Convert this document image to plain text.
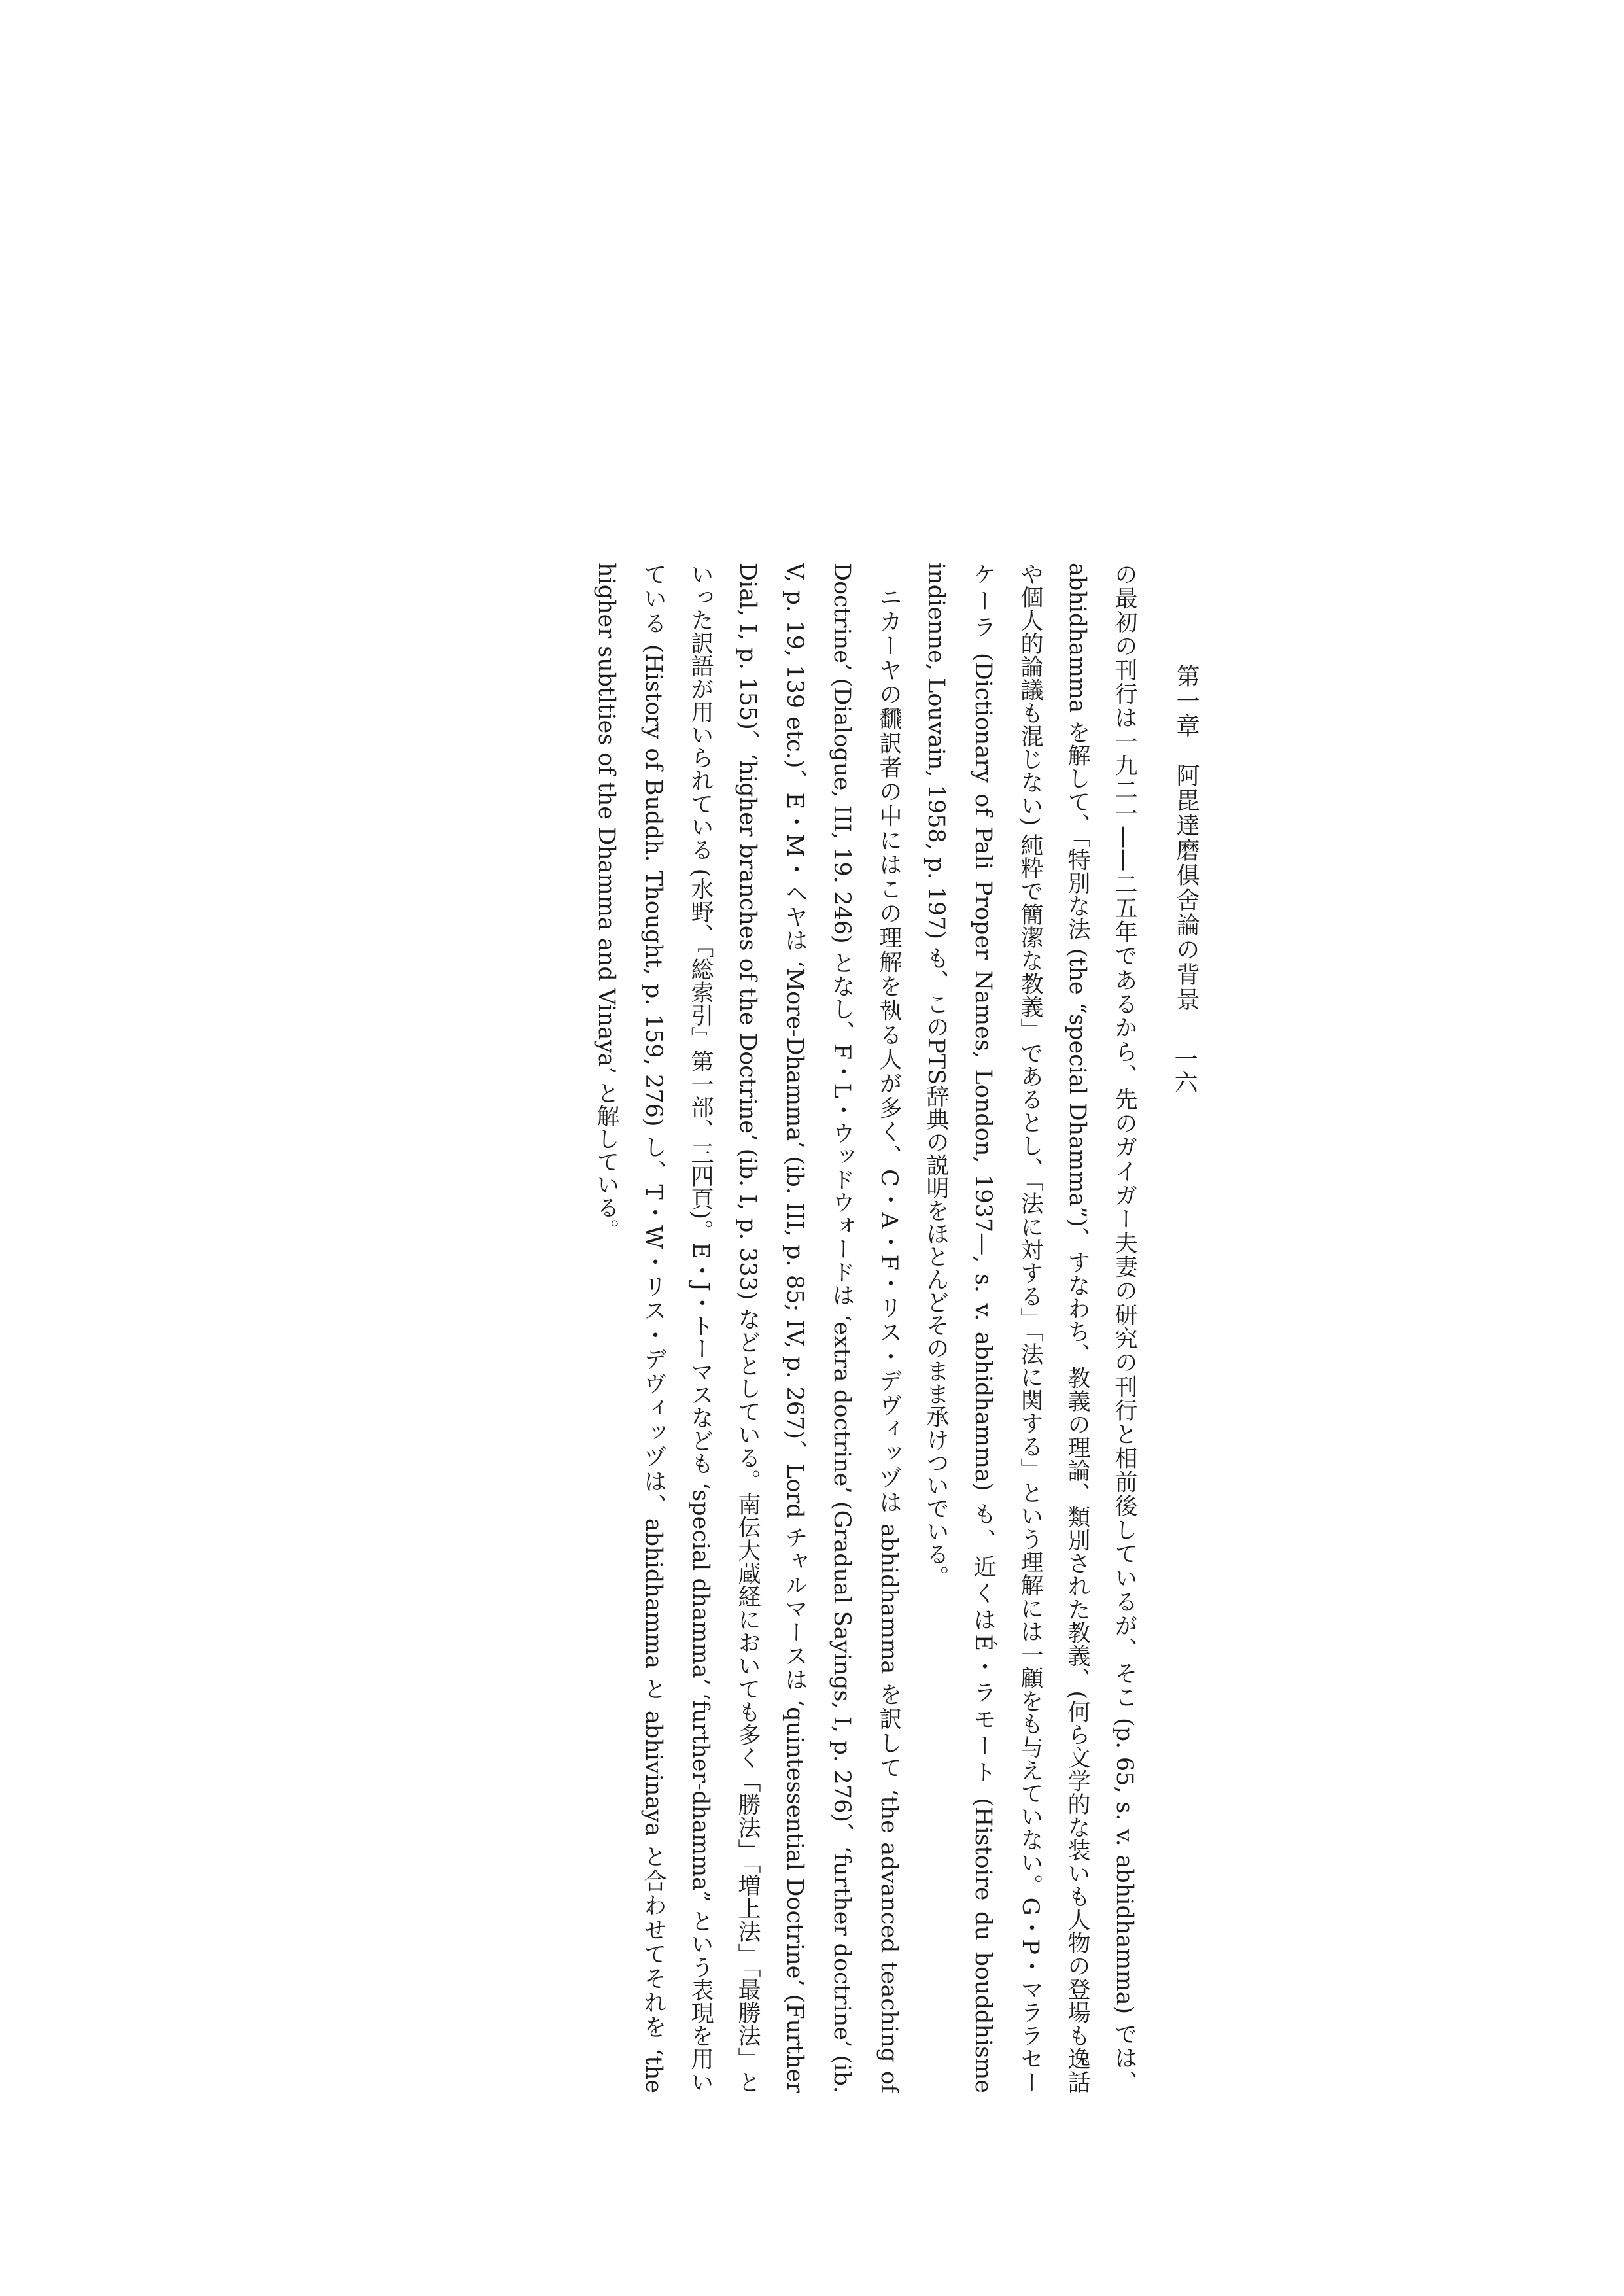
第一章　阿毘達磨俱舍論の背景
一六

の最初の刊行は一九二一——二五年であるから、先のガイガー夫妻の研究の刊行と相前後しているが、そこ (p. 65, s. v. abhidhamma) では、abhidhamma を解して、「特別な法 (the “special Dhamma”)、すなわち、教義の理論、類別された教義、(何ら文学的な装いも人物の登場も逸話や個人的論議も混じない) 純粋で簡潔な教義」であるとし、「法に対する」「法に関する」という理解には一顧をも与えていない。G・P・マララセーケーラ (Dictionary of Pali Proper Names, London, 1937—, s. v. abhidhamma) も、近くはÉ・ラモート (Histoire du bouddhisme indienne, Louvain, 1958, p. 197) も、このPTS辞典の説明をほとんどそのまま承けついでいる。

ニカーヤの飜訳者の中にはこの理解を執る人が多く、C・A・F・リス・デヴィッヅは abhidhamma を訳して ‘the advanced teaching of Doctrine’ (Dialogue, III, 19. 246) となし、F・L・ウッドウォードは ‘extra doctrine’ (Gradual Sayings, I, p. 276)、‘further doctrine’ (ib. V, p. 19, 139 etc.)、E・M・ヘヤは ‘More-Dhamma’ (ib. III, p. 85; IV, p. 267)、Lord チャルマースは ‘quintessential Doctrine’ (Further Dial, I, p. 155)、‘higher branches of the Doctrine’ (ib. I, p. 333) などとしている。南伝大蔵経においても多く「勝法」「増上法」「最勝法」といった訳語が用いられている (水野、『総索引』第一部、三四頁)。E・J・トーマスなども ‘special dhamma’ ‘further-dhamma” という表現を用いている (History of Buddh. Thought, p. 159, 276) し、T・W・リス・デヴィッヅは、abhidhamma と abhivinaya と合わせてそれを ‘the higher subtlties of the Dhamma and Vinaya’ と解している。
